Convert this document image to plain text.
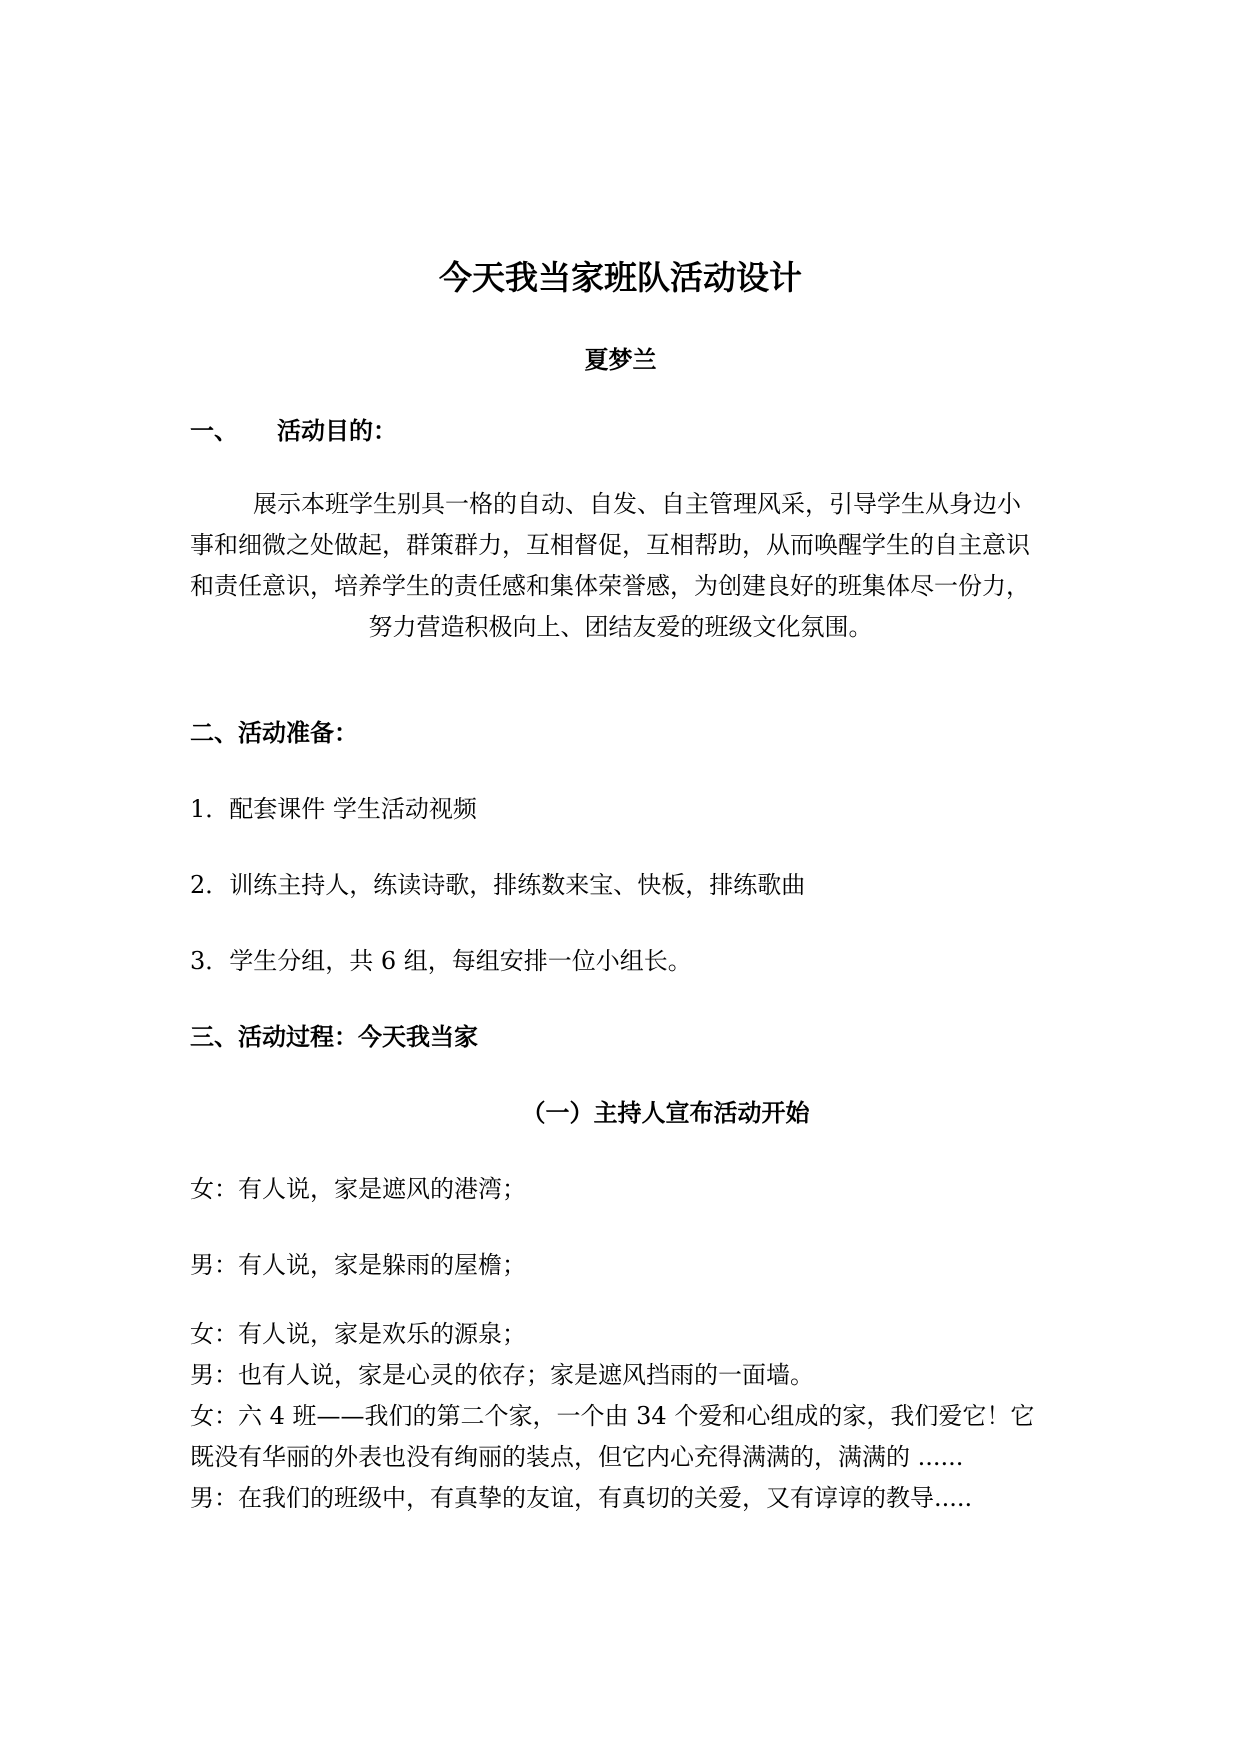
今天我当家班队活动设计
夏梦兰
一、 活动目的：
展示本班学生别具一格的自动、自发、自主管理风采，引导学生从身边小
事和细微之处做起，群策群力，互相督促，互相帮助，从而唤醒学生的自主意识
和责任意识，培养学生的责任感和集体荣誉感，为创建良好的班集体尽一份力，
努力营造积极向上、团结友爱的班级文化氛围。
二、活动准备：
1．配套课件 学生活动视频
2．训练主持人，练读诗歌，排练数来宝、快板，排练歌曲
3．学生分组，共 6 组，每组安排一位小组长。
三、活动过程：今天我当家
（一）主持人宣布活动开始
女：有人说，家是遮风的港湾；
男：有人说，家是躲雨的屋檐；
女：有人说，家是欢乐的源泉；
男：也有人说，家是心灵的依存；家是遮风挡雨的一面墙。
女：六 4 班——我们的第二个家，一个由 34 个爱和心组成的家，我们爱它！它
既没有华丽的外表也没有绚丽的装点，但它内心充得满满的，满满的 ......
男：在我们的班级中，有真挚的友谊，有真切的关爱，又有谆谆的教导.....
